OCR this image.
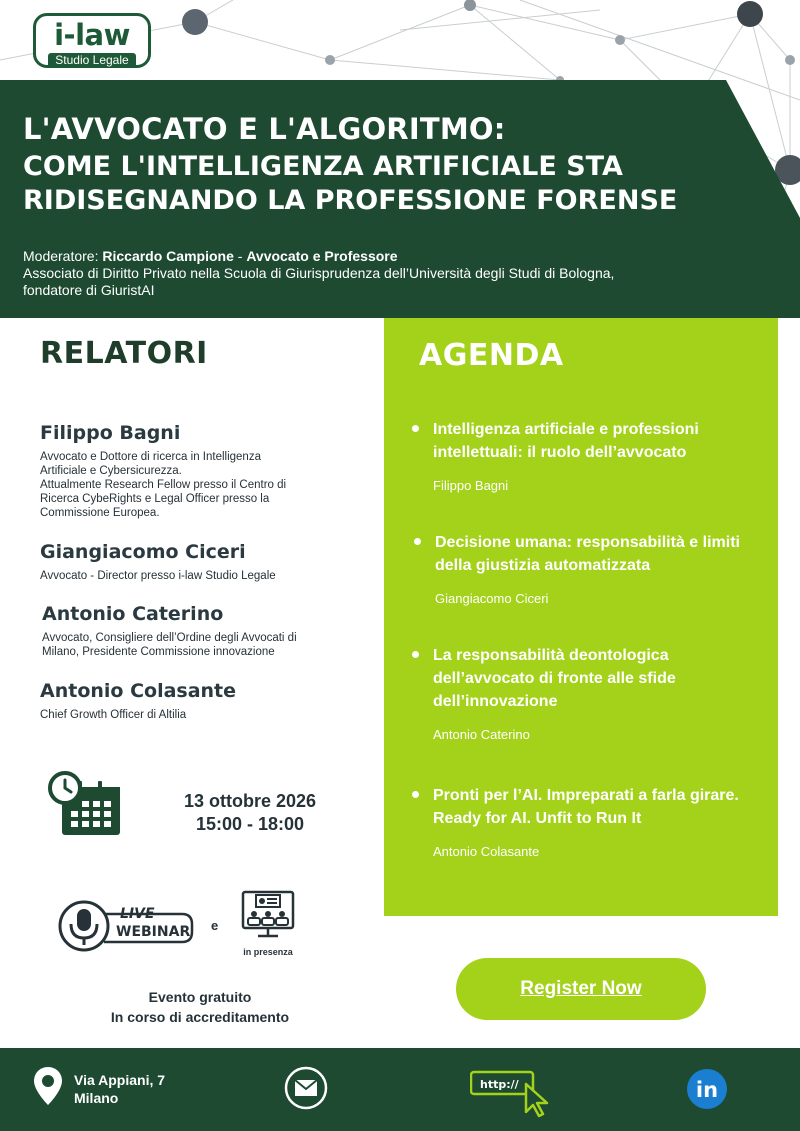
i-law
Studio Legale
L'AVVOCATO E L'ALGORITMO:
COME L'INTELLIGENZA ARTIFICIALE STA
RIDISEGNANDO LA PROFESSIONE FORENSE
Moderatore: Riccardo Campione - Avvocato e Professore
Associato di Diritto Privato nella Scuola di Giurisprudenza dell’Università degli Studi di Bologna,
fondatore di GiuristAI
RELATORI
Filippo Bagni
Avvocato e Dottore di ricerca in Intelligenza
Artificiale e Cybersicurezza.
Attualmente Research Fellow presso il Centro di
Ricerca CybeRights e Legal Officer presso la
Commissione Europea.
Giangiacomo Ciceri
Avvocato - Director presso i-law Studio Legale
Antonio Caterino
Avvocato, Consigliere dell’Ordine degli Avvocati di
Milano, Presidente Commissione innovazione
Antonio Colasante
Chief Growth Officer di Altilia
AGENDA
Intelligenza artificiale e professioni intellettuali: il ruolo dell’avvocato
Filippo Bagni
Decisione umana: responsabilità e limiti della giustizia automatizzata
Giangiacomo Ciceri
La responsabilità deontologica dell’avvocato di fronte alle sfide dell’innovazione
Antonio Caterino
Pronti per l’AI. Impreparati a farla girare. Ready for AI. Unfit to Run It
Antonio Colasante
13 ottobre 2026
15:00 - 18:00
LIVE
WEBINAR e
in presenza
Evento gratuito
In corso di accreditamento
Register Now
Via Appiani, 7
Milano
http://	in
